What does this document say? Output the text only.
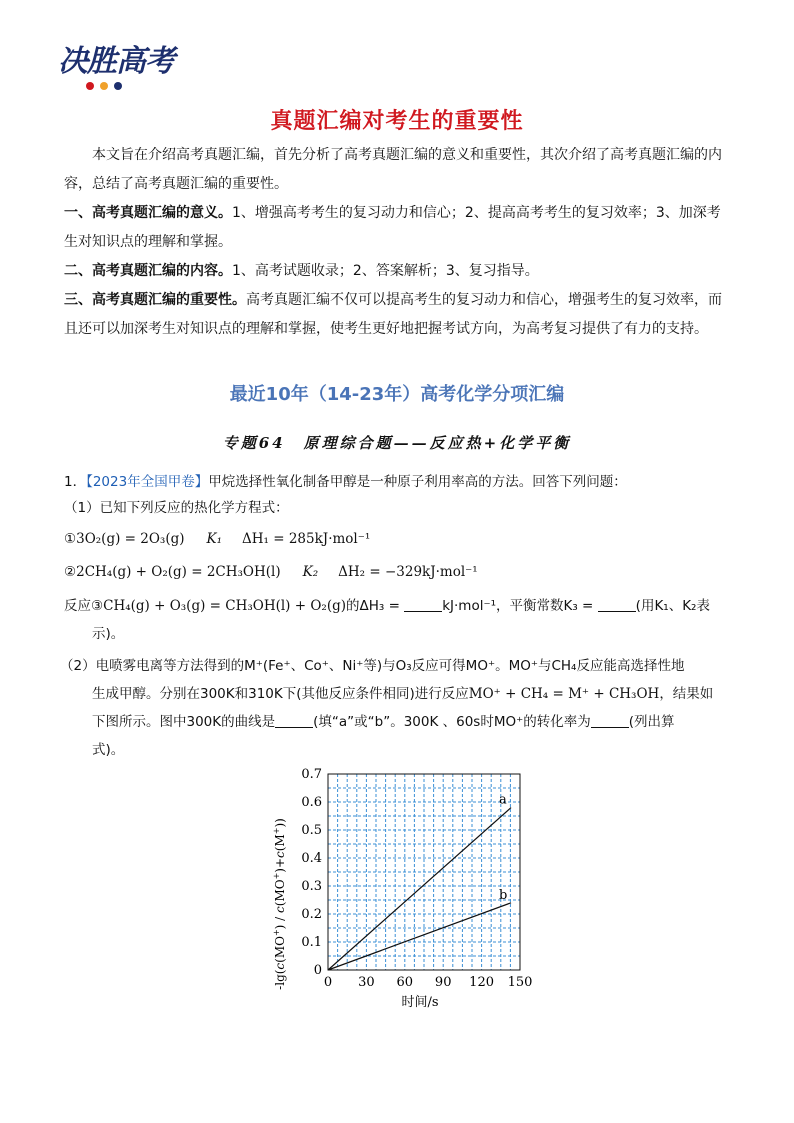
决胜高考
真题汇编对考生的重要性
本文旨在介绍高考真题汇编，首先分析了高考真题汇编的意义和重要性，其次介绍了高考真题汇编的内容，总结了高考真题汇编的重要性。
一、高考真题汇编的意义。1、增强高考考生的复习动力和信心；2、提高高考考生的复习效率；3、加深考生对知识点的理解和掌握。
二、高考真题汇编的内容。1、高考试题收录；2、答案解析；3、复习指导。
三、高考真题汇编的重要性。高考真题汇编不仅可以提高考生的复习动力和信心，增强考生的复习效率，而且还可以加深考生对知识点的理解和掌握，使考生更好地把握考试方向，为高考复习提供了有力的支持。
最近10年（14-23年）高考化学分项汇编
专题64　原理综合题——反应热+化学平衡
1．【2023年全国甲卷】甲烷选择性氧化制备甲醇是一种原子利用率高的方法。回答下列问题：
（1）已知下列反应的热化学方程式：
①3O₂(g) = 2O₃(g) K₁ ΔH₁ = 285kJ·mol⁻¹
②2CH₄(g) + O₂(g) = 2CH₃OH(l) K₂ ΔH₂ = −329kJ·mol⁻¹
反应③CH₄(g) + O₃(g) = CH₃OH(l) + O₂(g)的ΔH₃ =	kJ·mol⁻¹，平衡常数K₃ =	(用K₁、K₂表
示)。
（2）电喷雾电离等方法得到的M⁺(Fe⁺、Co⁺、Ni⁺等)与O₃反应可得MO⁺。MO⁺与CH₄反应能高选择性地
生成甲醇。分别在300K和310K下(其他反应条件相同)进行反应MO⁺ + CH₄ = M⁺ + CH₃OH，结果如
下图所示。图中300K的曲线是	(填“a”或“b”。300K 、60s时MO⁺的转化率为	(列出算
式)。
0
0.1
0.2
0.3
0.4
0.5
0.6
0.7
0 30 60 90 120 150
a
b
时间/s
-lg(c(MO+) / c(MO+)+c(M+))
